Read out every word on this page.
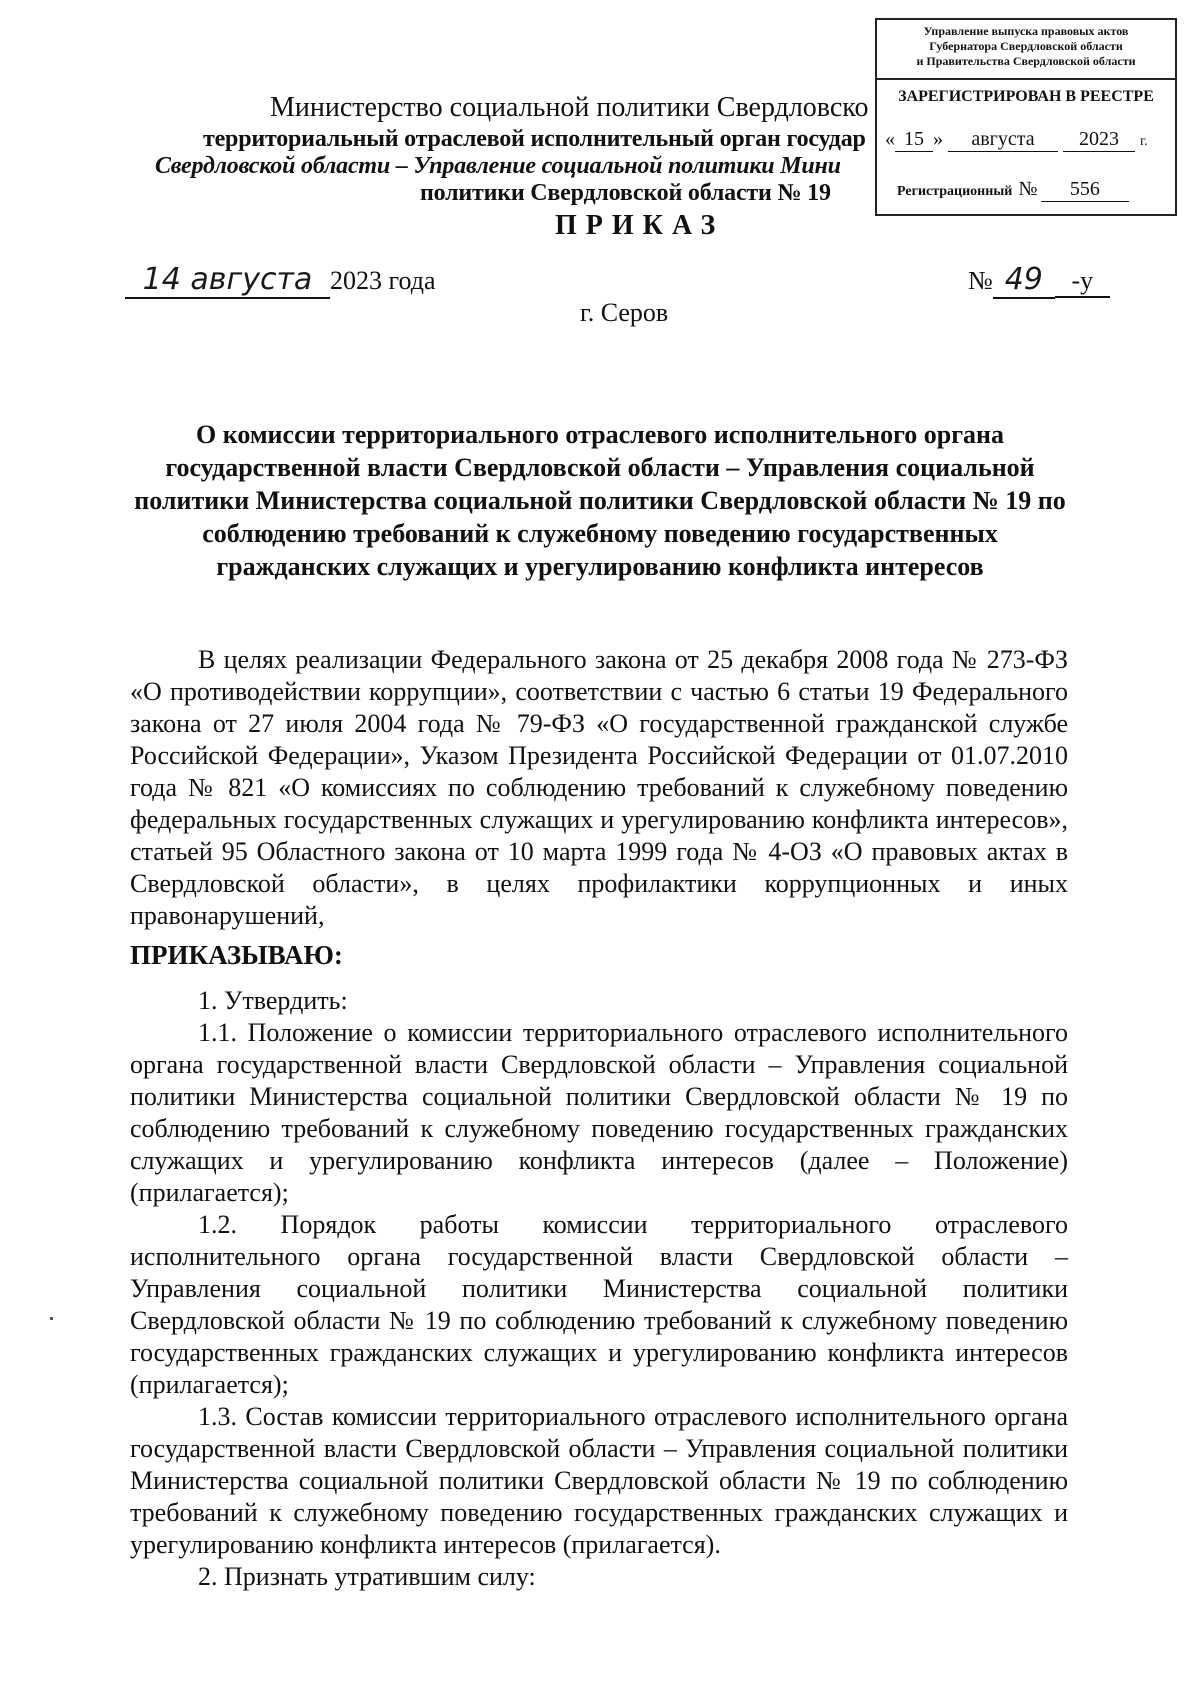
Министерство социальной политики Свердловско
территориальный отраслевой исполнительный орган государ
Свердловской области – Управление социальной политики Мини
политики Свердловской области № 19
ПРИКАЗ
Управление выпуска правовых актов
Губернатора Свердловской области
и Правительства Свердловской области
ЗАРЕГИСТРИРОВАН В РЕЕСТРЕ
« 15 » августа 2023 г.
Регистрационный № 556
14 августа 2023 года	№ 49 -у
г. Серов
О комиссии территориального отраслевого исполнительного органа государственной власти Свердловской области – Управления социальной политики Министерства социальной политики Свердловской области № 19 по соблюдению требований к служебному поведению государственных гражданских служащих и урегулированию конфликта интересов

В целях реализации Федерального закона от 25 декабря 2008 года № 273-ФЗ «О противодействии коррупции», соответствии с частью 6 статьи 19 Федерального закона от 27 июля 2004 года № 79-ФЗ «О государственной гражданской службе Российской Федерации», Указом Президента Российской Федерации от 01.07.2010 года № 821 «О комиссиях по соблюдению требований к служебному поведению федеральных государственных служащих и урегулированию конфликта интересов», статьей 95 Областного закона от 10 марта 1999 года № 4-ОЗ «О правовых актах в Свердловской области», в целях профилактики коррупционных и иных правонарушений,

ПРИКАЗЫВАЮ:

1. Утвердить:

1.1. Положение о комиссии территориального отраслевого исполнительного органа государственной власти Свердловской области – Управления социальной политики Министерства социальной политики Свердловской области № 19 по соблюдению требований к служебному поведению государственных гражданских служащих и урегулированию конфликта интересов (далее – Положение) (прилагается);

1.2. Порядок работы комиссии территориального отраслевого исполнительного органа государственной власти Свердловской области – Управления социальной политики Министерства социальной политики Свердловской области № 19 по соблюдению требований к служебному поведению государственных гражданских служащих и урегулированию конфликта интересов (прилагается);

1.3. Состав комиссии территориального отраслевого исполнительного органа государственной власти Свердловской области – Управления социальной политики Министерства социальной политики Свердловской области № 19 по соблюдению требований к служебному поведению государственных гражданских служащих и урегулированию конфликта интересов (прилагается).

2. Признать утратившим силу:
